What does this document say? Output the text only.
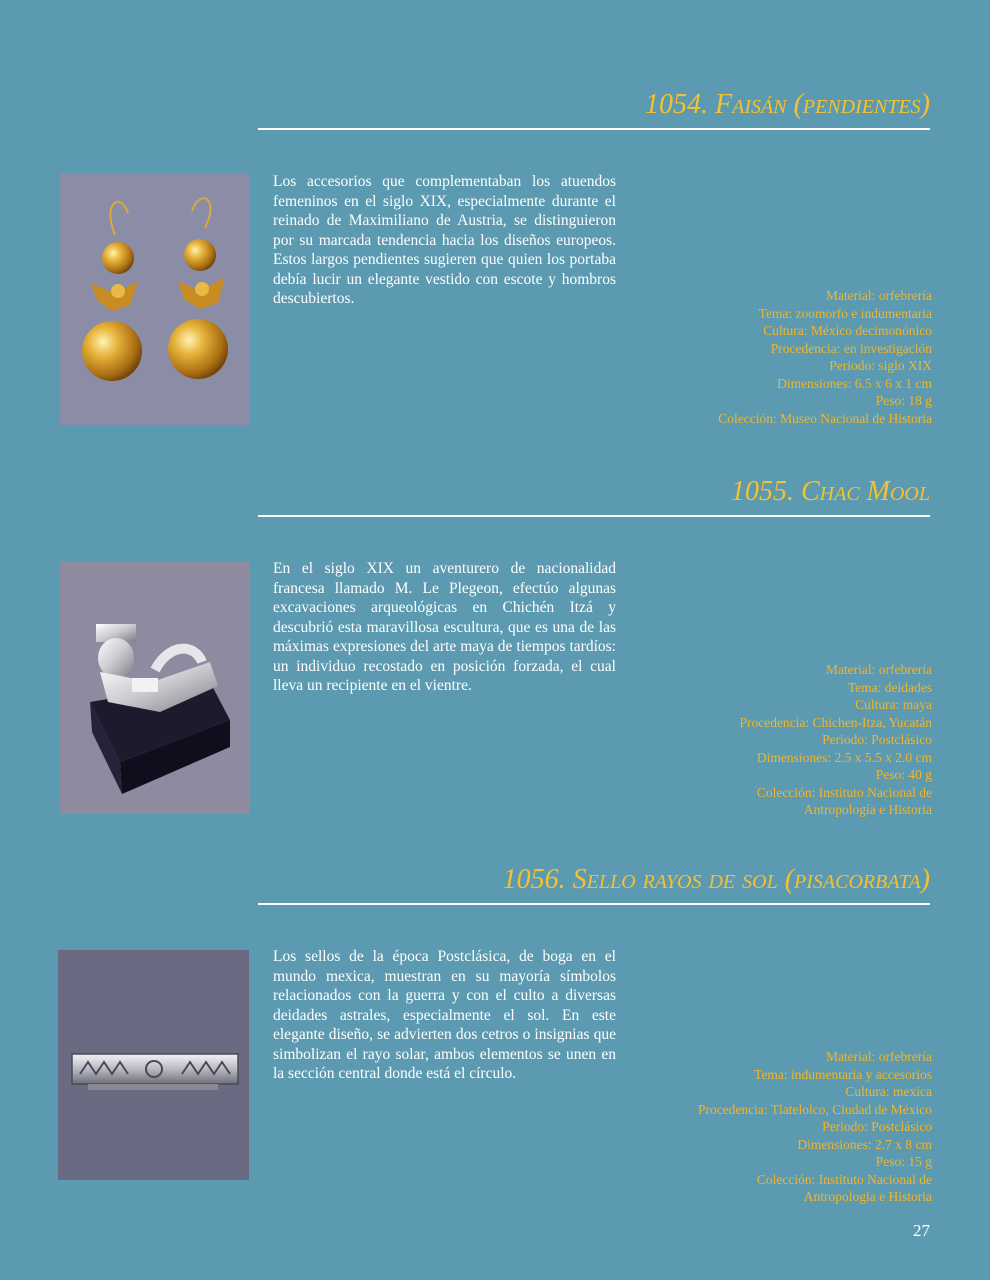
1054. Faisán (pendientes)

Los accesorios que complementaban los atuendos femeninos en el siglo XIX, especialmente durante el reinado de Maximiliano de Austria, se distinguieron por su marcada tendencia hacia los diseños europeos. Estos largos pendientes sugieren que quien los portaba debía lucir un elegante vestido con escote y hombros descubiertos.	Material: orfebrería
Tema: zoomorfo e indumentaria
Cultura: México decimonónico
Procedencia: en investigación
Periodo: siglo XIX
Dimensiones: 6.5 x 6 x 1 cm
Peso: 18 g
Colección: Museo Nacional de Historia
1055. Chac Mool

En el siglo XIX un aventurero de nacionalidad francesa llamado M. Le Plegeon, efectúo algunas excavaciones arqueológicas en Chichén Itzá y descubrió esta maravillosa escultura, que es una de las máximas expresiones del arte maya de tiempos tardíos: un individuo recostado en posición forzada, el cual lleva un recipiente en el vientre.

Material: orfebrería
Tema: deidades
Cultura: maya
Procedencia: Chichen-Itza, Yucatán
Periodo: Postclásico
Dimensiones: 2.5 x 5.5 x 2.0 cm
Peso: 40 g
Colección: Instituto Nacional de
Antropología e Historia
1056. Sello rayos de sol (pisacorbata)

Los sellos de la época Postclásica, de boga en el mundo mexica, muestran en su mayoría símbolos relacionados con la guerra y con el culto a diversas deidades astrales, especialmente el sol. En este elegante diseño, se advierten dos cetros o insignias que simbolizan el rayo solar, ambos elementos se unen en la sección central donde está el círculo.

Material: orfebrería
Tema: indumentaria y accesorios
Cultura: mexica
Procedencia: Tlatelolco, Ciudad de México
Periodo: Postclásico
Dimensiones: 2.7 x 8 cm
Peso: 15 g
Colección: Instituto Nacional de
Antropología e Historia
27
